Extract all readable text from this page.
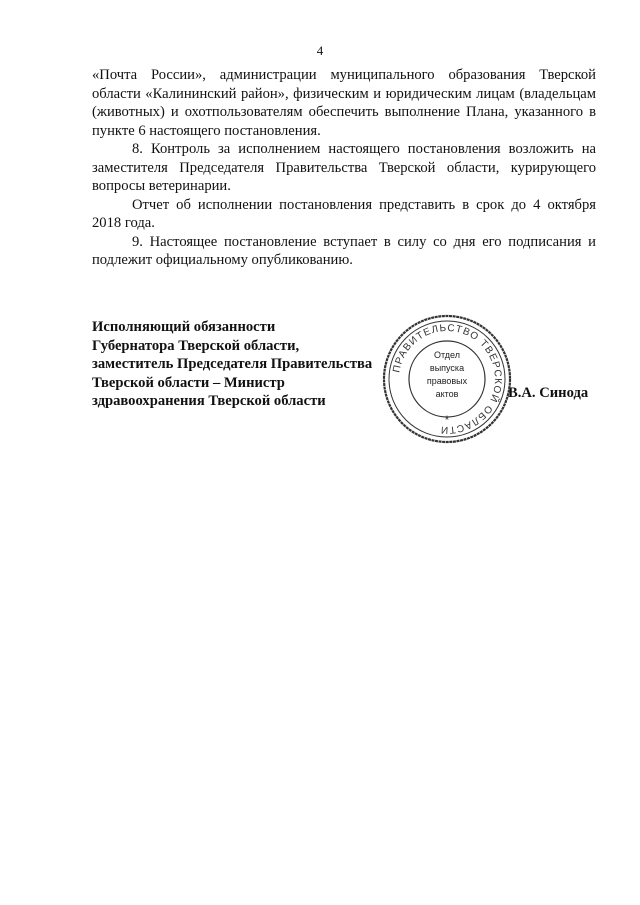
4

«Почта России», администрации муниципального образования Тверской области «Калининский район», физическим и юридическим лицам (владельцам (животных) и охотпользователям обеспечить выполнение Плана, указанного в пункте 6 настоящего постановления.

8. Контроль за исполнением настоящего постановления возложить на заместителя Председателя Правительства Тверской области, курирующего вопросы ветеринарии.

Отчет об исполнении постановления представить в срок до 4 октября 2018 года.

9. Настоящее постановление вступает в силу со дня его подписания и подлежит официальному опубликованию.

Исполняющий обязанности
Губернатора Тверской области,
заместитель Председателя Правительства
Тверской области – Министр
здравоохранения Тверской области
В.А. Синода
ПРАВИТЕЛЬСТВО ТВЕРСКОЙ ОБЛАСТИ
*
Отдел
выпуска
правовых
актов
